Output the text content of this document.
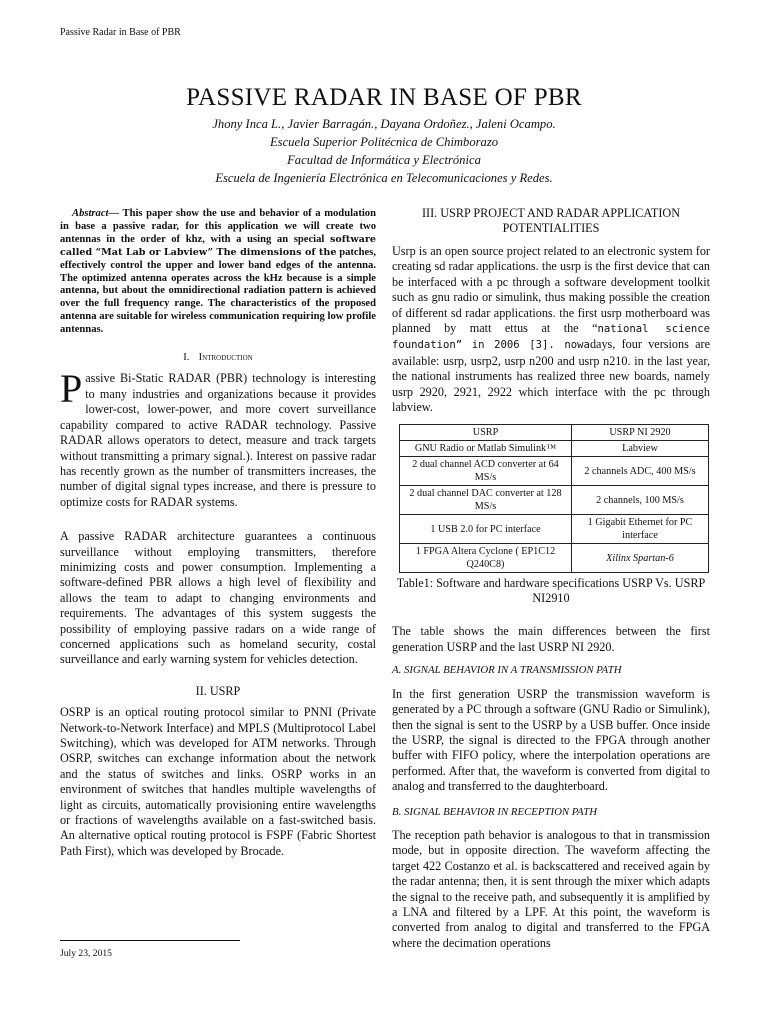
Passive Radar in Base of PBR
PASSIVE RADAR IN BASE OF PBR
Jhony Inca L., Javier Barragán., Dayana Ordoñez., Jaleni Ocampo.
Escuela Superior Politécnica de Chimborazo
Facultad de Informática y Electrónica
Escuela de Ingeniería Electrónica en Telecomunicaciones y Redes.

Abstract— This paper show the use and behavior of a modulation in base a passive radar, for this application we will create two antennas in the order of khz, with a using an special software called “Mat Lab or Labview” The dimensions of the patches, effectively control the upper and lower band edges of the antenna. The optimized antenna operates across the kHz because is a simple antenna, but about the omnidirectional radiation pattern is achieved over the full frequency range. The characteristics of the proposed antenna are suitable for wireless communication requiring low profile antennas.

I. Introduction

Passive Bi-Static RADAR (PBR) technology is interesting to many industries and organizations because it provides lower-cost, lower-power, and more covert surveillance capability compared to active RADAR technology. Passive RADAR allows operators to detect, measure and track targets without transmitting a primary signal.). Interest on passive radar has recently grown as the number of transmitters increases, the number of digital signal types increase, and there is pressure to optimize costs for RADAR systems.

A passive RADAR architecture guarantees a continuous surveillance without employing transmitters, therefore minimizing costs and power consumption. Implementing a software-defined PBR allows a high level of flexibility and allows the team to adapt to changing environments and requirements. The advantages of this system suggests the possibility of employing passive radars on a wide range of concerned applications such as homeland security, costal surveillance and early warning system for vehicles detection.

II. USRP

OSRP is an optical routing protocol similar to PNNI (Private Network-to-Network Interface) and MPLS (Multiprotocol Label Switching), which was developed for ATM networks. Through OSRP, switches can exchange information about the network and the status of switches and links. OSRP works in an environment of switches that handles multiple wavelengths of light as circuits, automatically provisioning entire wavelengths or fractions of wavelengths available on a fast-switched basis. An alternative optical routing protocol is FSPF (Fabric Shortest Path First), which was developed by Brocade.

III. USRP PROJECT AND RADAR APPLICATION POTENTIALITIES

Usrp is an open source project related to an electronic system for creating sd radar applications. the usrp is the first device that can be interfaced with a pc through a software development toolkit such as gnu radio or simulink, thus making possible the creation of different sd radar applications. the first usrp motherboard was planned by matt ettus at the “national science foundation” in 2006 [3]. nowadays, four versions are available: usrp, usrp2, usrp n200 and usrp n210. in the last year, the national instruments has realized three new boards, namely usrp 2920, 2921, 2922 which interface with the pc through labview.

USRP	USRP NI 2920
GNU Radio or Matlab Simulink™	Labview
2 dual channel ACD converter at 64 MS/s	2 channels ADC, 400 MS/s
2 dual channel DAC converter at 128 MS/s	2 channels, 100 MS/s
1 USB 2.0 for PC interface	1 Gigabit Ethernet for PC interface
1 FPGA Altera Cyclone ( EP1C12 Q240C8)	Xilinx Spartan-6
Table1: Software and hardware specifications USRP Vs. USRP NI2910

The table shows the main differences between the first generation USRP and the last USRP NI 2920.

A. SIGNAL BEHAVIOR IN A TRANSMISSION PATH

In the first generation USRP the transmission waveform is generated by a PC through a software (GNU Radio or Simulink), then the signal is sent to the USRP by a USB buffer. Once inside the USRP, the signal is directed to the FPGA through another buffer with FIFO policy, where the interpolation operations are performed. After that, the waveform is converted from digital to analog and transferred to the daughterboard.

B. SIGNAL BEHAVIOR IN RECEPTION PATH

The reception path behavior is analogous to that in transmission mode, but in opposite direction. The waveform affecting the target 422 Costanzo et al. is backscattered and received again by the radar antenna; then, it is sent through the mixer which adapts the signal to the receive path, and subsequently it is amplified by a LNA and filtered by a LPF. At this point, the waveform is converted from analog to digital and transferred to the FPGA where the decimation operations

July 23, 2015
